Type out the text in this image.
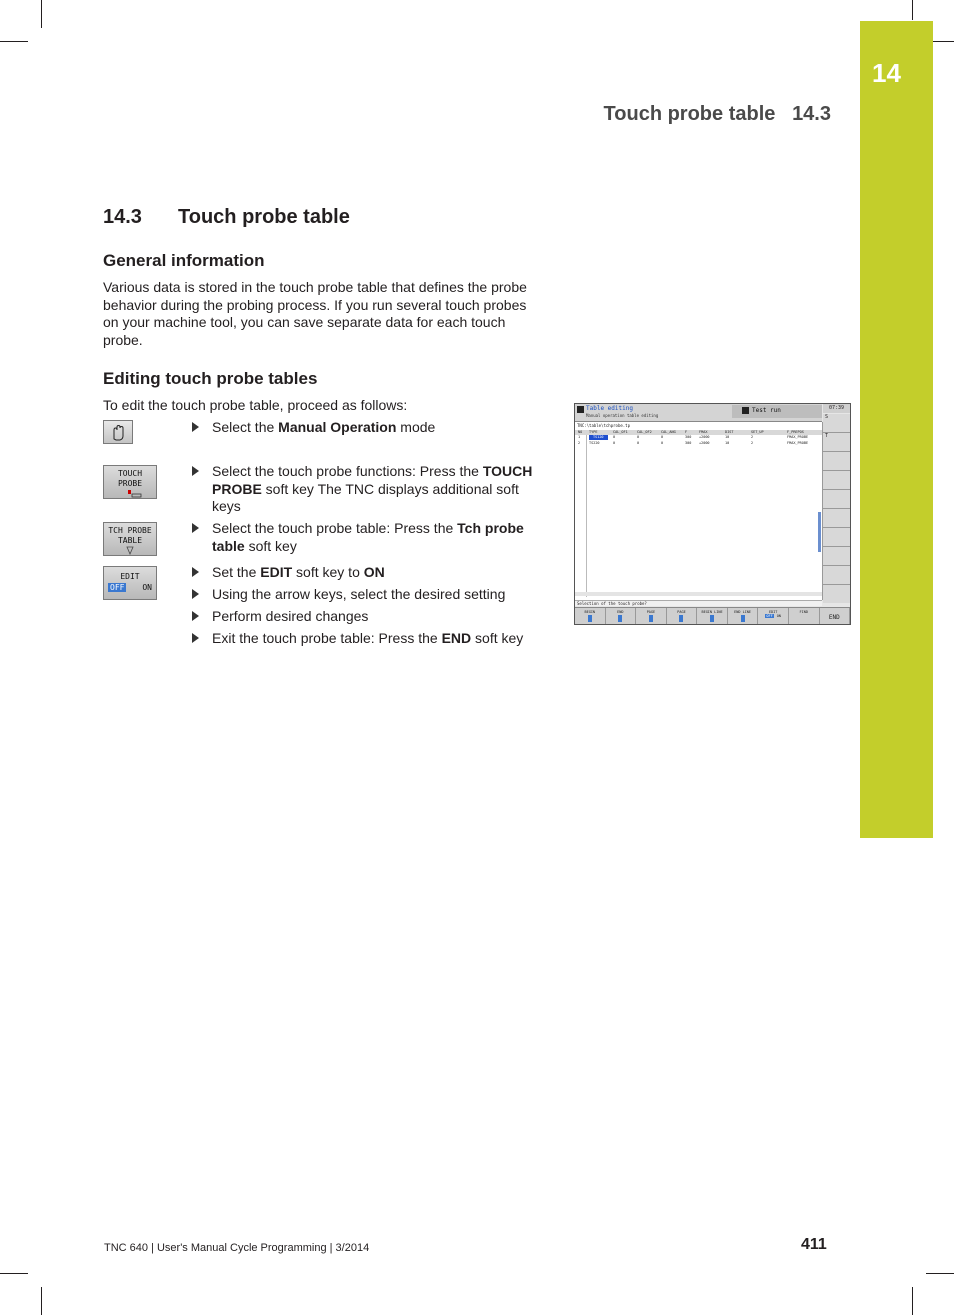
14
Touch probe table 14.3
14.3 Touch probe table
General information

Various data is stored in the touch probe table that defines the probe behavior during the probing process. If you run several touch probes on your machine tool, you can save separate data for each touch probe.

Editing touch probe tables

To edit the touch probe table, proceed as follows:

TOUCH
PROBE
TCH PROBE
TABLE
EDIT
OFF ON
Select the Manual Operation mode
Select the touch probe functions: Press the TOUCH PROBE soft key The TNC displays additional soft keys
Select the touch probe table: Press the Tch probe table soft key
Set the EDIT soft key to ON
Using the arrow keys, select the desired setting
Perform desired changes
Exit the touch probe table: Press the END soft key
Table editing
Manual operation table editing
Test run	07:39
TNC:\table\tchprobe.tp
NO TYPE	CAL_OF1	CAL_OF2	CAL_ANG	F	FMAX	DIST	SET_UP	F_PREPOS
1	TS120	0	0	0	300 +2000	10	2	FMAX_PROBE
2	TS220	0	0	0	300 +2000	10	2	FMAX_PROBE
Selection of the touch probe?
S
T
BEGIN	END	PAGE	PAGE	BEGIN LINE	END LINE	EDIT
OFF ON
FIND
END
TNC 640 | User's Manual Cycle Programming | 3/2014	411
